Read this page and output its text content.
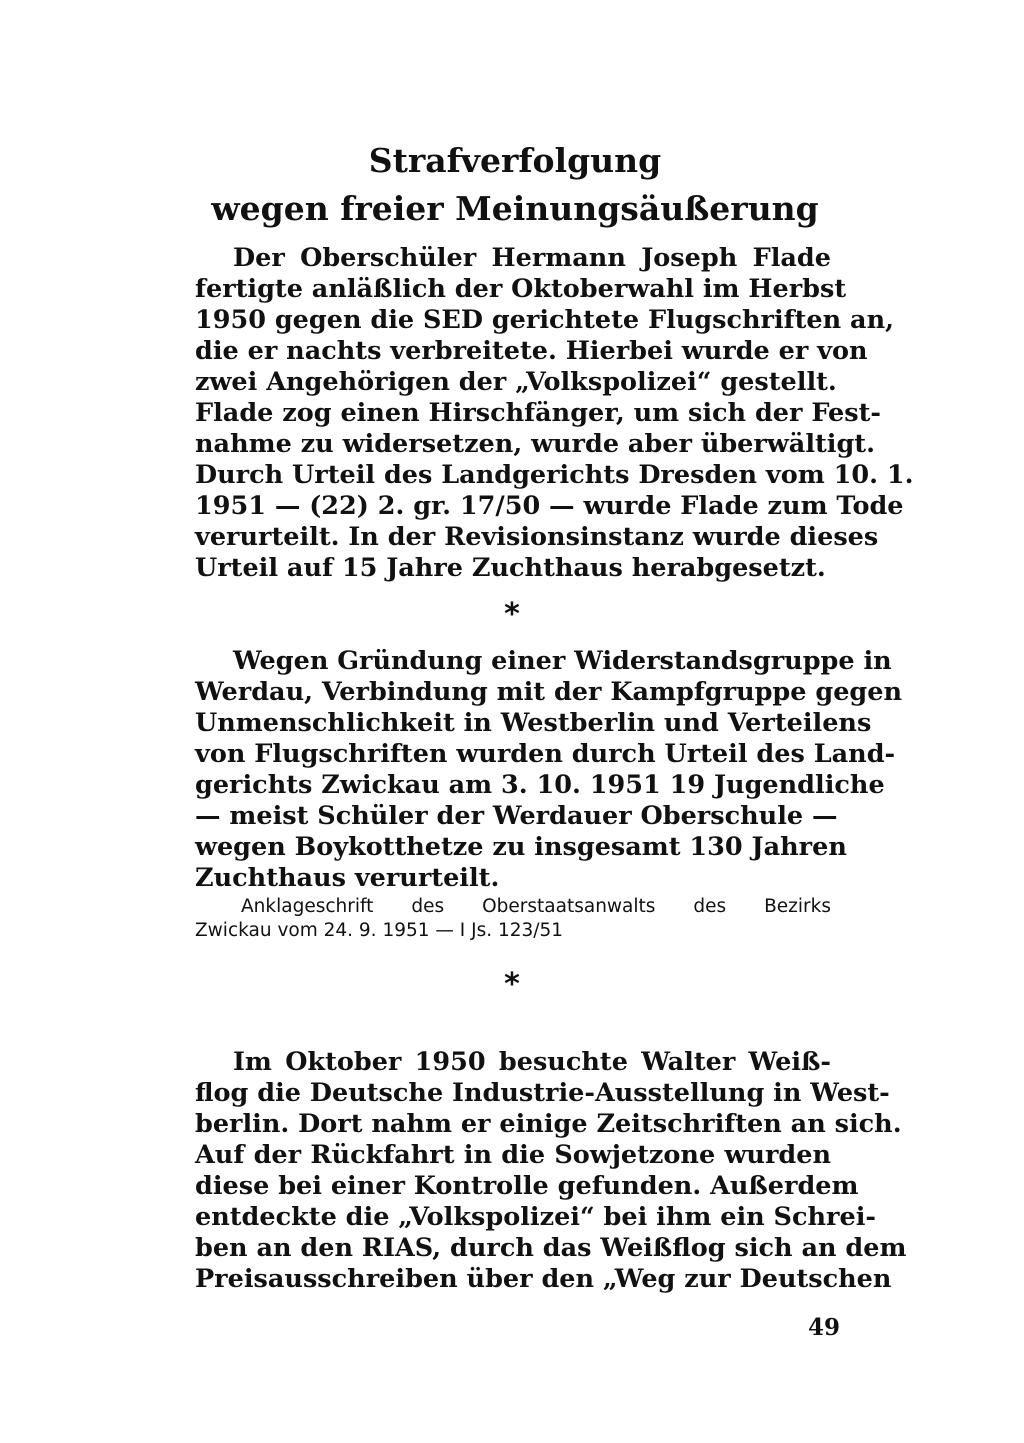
Strafverfolgung
wegen freier Meinungsäußerung
Der Oberschüler Hermann Joseph Flade
fertigte anläßlich der Oktoberwahl im Herbst
1950 gegen die SED gerichtete Flugschriften an,
die er nachts verbreitete. Hierbei wurde er von
zwei Angehörigen der „Volkspolizei“ gestellt.
Flade zog einen Hirschfänger, um sich der Fest-
nahme zu widersetzen, wurde aber überwältigt.
Durch Urteil des Landgerichts Dresden vom 10. 1.
1951 — (22) 2. gr. 17/50 — wurde Flade zum Tode
verurteilt. In der Revisionsinstanz wurde dieses
Urteil auf 15 Jahre Zuchthaus herabgesetzt.
*
Wegen Gründung einer Widerstandsgruppe in
Werdau, Verbindung mit der Kampfgruppe gegen
Unmenschlichkeit in Westberlin und Verteilens
von Flugschriften wurden durch Urteil des Land-
gerichts Zwickau am 3. 10. 1951 19 Jugendliche
— meist Schüler der Werdauer Oberschule —
wegen Boykotthetze zu insgesamt 130 Jahren
Zuchthaus verurteilt.
Anklageschrift des Oberstaatsanwalts des Bezirks
Zwickau vom 24. 9. 1951 — I Js. 123/51
*
Im Oktober 1950 besuchte Walter Weiß-
flog die Deutsche Industrie-Ausstellung in West-
berlin. Dort nahm er einige Zeitschriften an sich.
Auf der Rückfahrt in die Sowjetzone wurden
diese bei einer Kontrolle gefunden. Außerdem
entdeckte die „Volkspolizei“ bei ihm ein Schrei-
ben an den RIAS, durch das Weißflog sich an dem
Preisausschreiben über den „Weg zur Deutschen
49
